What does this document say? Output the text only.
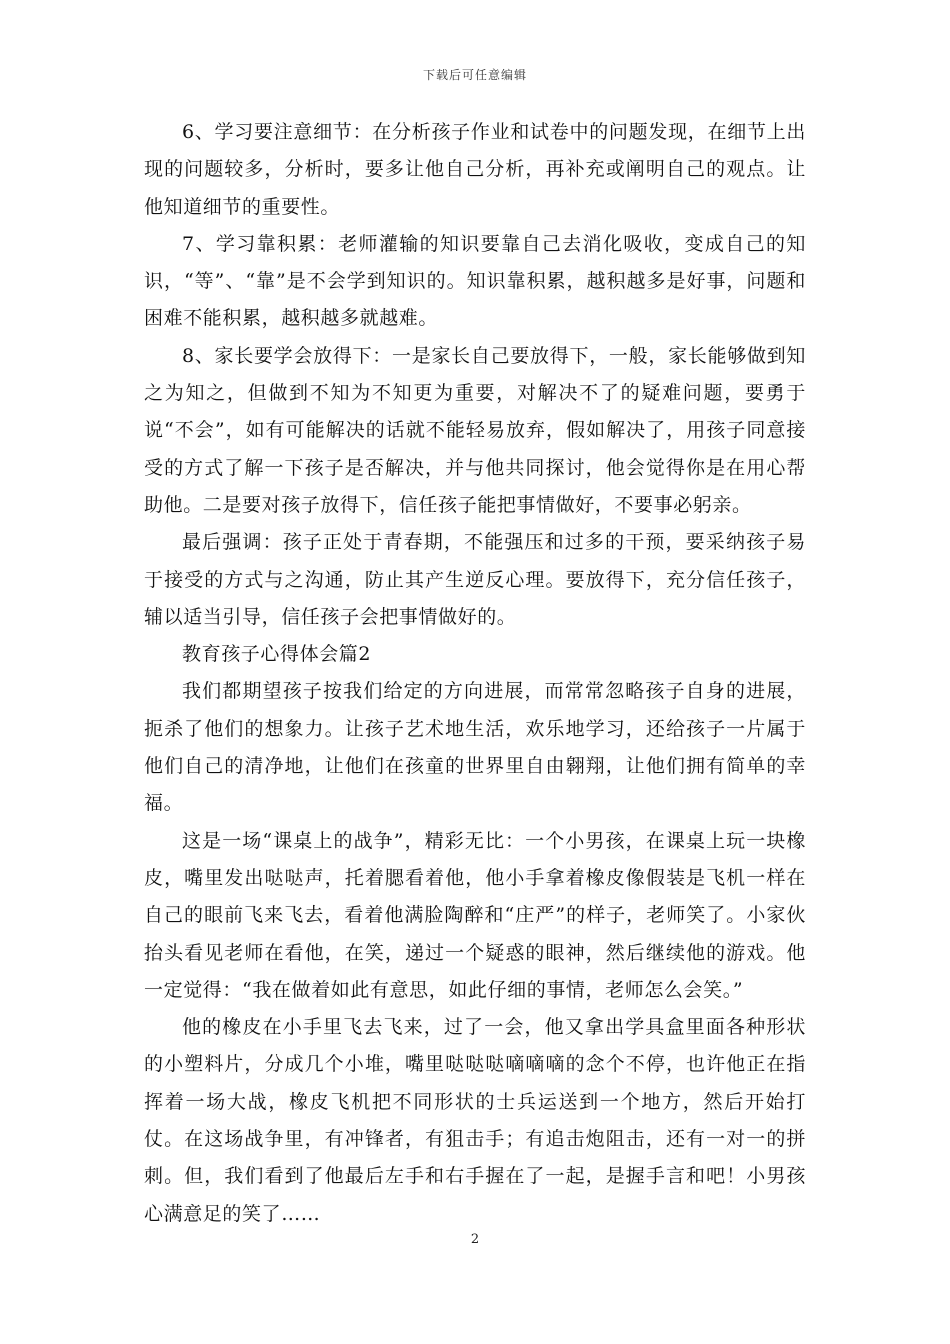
下载后可任意编辑

6、学习要注意细节：在分析孩子作业和试卷中的问题发现，在细节上出现的问题较多，分析时，要多让他自己分析，再补充或阐明自己的观点。让他知道细节的重要性。

7、学习靠积累：老师灌输的知识要靠自己去消化吸收，变成自己的知识，“等”、“靠”是不会学到知识的。知识靠积累，越积越多是好事，问题和困难不能积累，越积越多就越难。

8、家长要学会放得下：一是家长自己要放得下，一般，家长能够做到知之为知之，但做到不知为不知更为重要，对解决不了的疑难问题，要勇于说“不会”，如有可能解决的话就不能轻易放弃，假如解决了，用孩子同意接受的方式了解一下孩子是否解决，并与他共同探讨，他会觉得你是在用心帮助他。二是要对孩子放得下，信任孩子能把事情做好，不要事必躬亲。

最后强调：孩子正处于青春期，不能强压和过多的干预，要采纳孩子易于接受的方式与之沟通，防止其产生逆反心理。要放得下，充分信任孩子，辅以适当引导，信任孩子会把事情做好的。

教育孩子心得体会篇2

我们都期望孩子按我们给定的方向进展，而常常忽略孩子自身的进展，扼杀了他们的想象力。让孩子艺术地生活，欢乐地学习，还给孩子一片属于他们自己的清净地，让他们在孩童的世界里自由翱翔，让他们拥有简单的幸福。

这是一场“课桌上的战争”，精彩无比：一个小男孩，在课桌上玩一块橡皮，嘴里发出哒哒声，托着腮看着他，他小手拿着橡皮像假装是飞机一样在自己的眼前飞来飞去，看着他满脸陶醉和“庄严”的样子，老师笑了。小家伙抬头看见老师在看他，在笑，递过一个疑惑的眼神，然后继续他的游戏。他一定觉得：“我在做着如此有意思，如此仔细的事情，老师怎么会笑。”

他的橡皮在小手里飞去飞来，过了一会，他又拿出学具盒里面各种形状的小塑料片，分成几个小堆，嘴里哒哒哒嘀嘀嘀的念个不停，也许他正在指挥着一场大战，橡皮飞机把不同形状的士兵运送到一个地方，然后开始打仗。在这场战争里，有冲锋者，有狙击手；有追击炮阻击，还有一对一的拼刺。但，我们看到了他最后左手和右手握在了一起，是握手言和吧！小男孩心满意足的笑了……

2
